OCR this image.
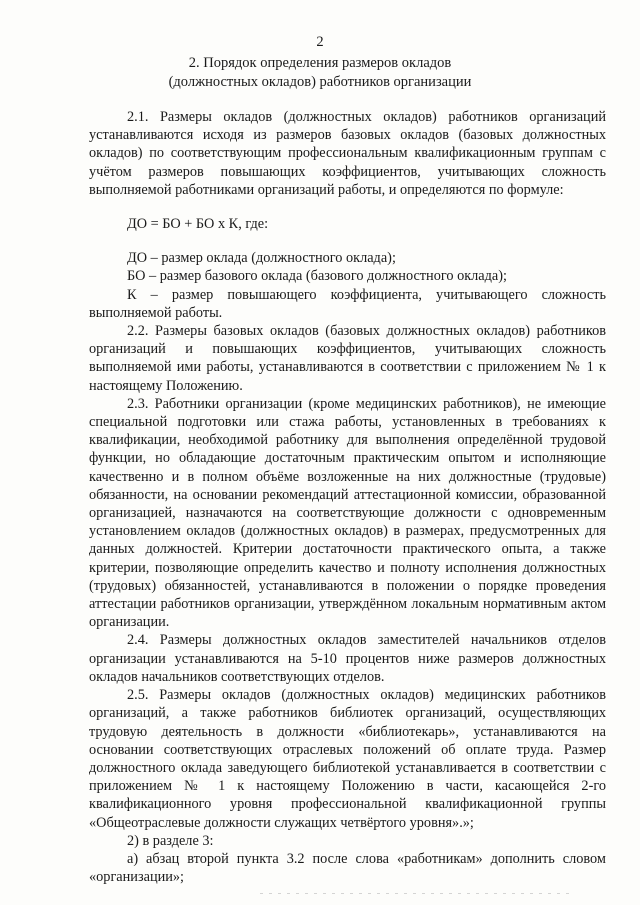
2
2. Порядок определения размеров окладов
(должностных окладов) работников организации

2.1. Размеры окладов (должностных окладов) работников организаций устанавливаются исходя из размеров базовых окладов (базовых должностных окладов) по соответствующим профессиональным квалификационным группам с учётом размеров повышающих коэффициентов, учитывающих сложность выполняемой работниками организаций работы, и определяются по формуле:

ДО = БО + БО х К, где:

ДО – размер оклада (должностного оклада);

БО – размер базового оклада (базового должностного оклада);

К – размер повышающего коэффициента, учитывающего сложность выполняемой работы.

2.2. Размеры базовых окладов (базовых должностных окладов) работников организаций и повышающих коэффициентов, учитывающих сложность выполняемой ими работы, устанавливаются в соответствии с приложением № 1 к настоящему Положению.

2.3. Работники организации (кроме медицинских работников), не имеющие специальной подготовки или стажа работы, установленных в требованиях к квалификации, необходимой работнику для выполнения определённой трудовой функции, но обладающие достаточным практическим опытом и исполняющие качественно и в полном объёме возложенные на них должностные (трудовые) обязанности, на основании рекомендаций аттестационной комиссии, образованной организацией, назначаются на соответствующие должности с одновременным установлением окладов (должностных окладов) в размерах, предусмотренных для данных должностей. Критерии достаточности практического опыта, а также критерии, позволяющие определить качество и полноту исполнения должностных (трудовых) обязанностей, устанавливаются в положении о порядке проведения аттестации работников организации, утверждённом локальным нормативным актом организации.

2.4. Размеры должностных окладов заместителей начальников отделов организации устанавливаются на 5-10 процентов ниже размеров должностных окладов начальников соответствующих отделов.

2.5. Размеры окладов (должностных окладов) медицинских работников организаций, а также работников библиотек организаций, осуществляющих трудовую деятельность в должности «библиотекарь», устанавливаются на основании соответствующих отраслевых положений об оплате труда. Размер должностного оклада заведующего библиотекой устанавливается в соответствии с приложением № 1 к настоящему Положению в части, касающейся 2-го квалификационного уровня профессиональной квалификационной группы «Общеотраслевые должности служащих четвёртого уровня».»;

2) в разделе 3:

а) абзац второй пункта 3.2 после слова «работникам» дополнить словом «организации»;
